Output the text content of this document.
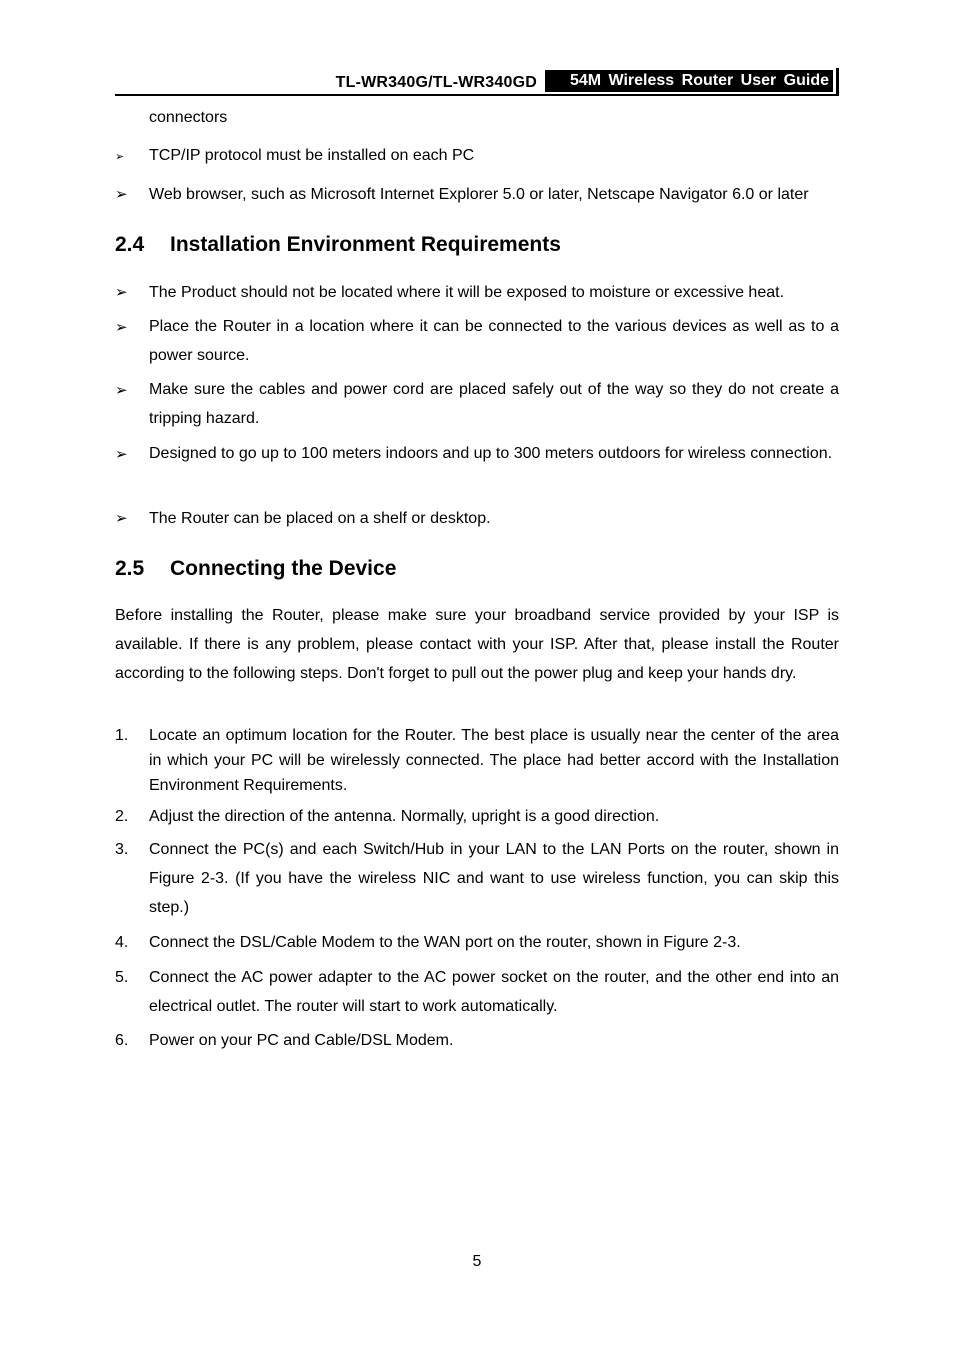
TL-WR340G/TL-WR340GD	54M Wireless Router User Guide
connectors
➢ TCP/IP protocol must be installed on each PC
➢ Web browser, such as Microsoft Internet Explorer 5.0 or later, Netscape Navigator 6.0 or later
2.4 Installation Environment Requirements
➢ The Product should not be located where it will be exposed to moisture or excessive heat.
➢ Place the Router in a location where it can be connected to the various devices as well as to a power source.
➢ Make sure the cables and power cord are placed safely out of the way so they do not create a tripping hazard.
➢ Designed to go up to 100 meters indoors and up to 300 meters outdoors for wireless connection.
➢ The Router can be placed on a shelf or desktop.
2.5 Connecting the Device
Before installing the Router, please make sure your broadband service provided by your ISP is available. If there is any problem, please contact with your ISP. After that, please install the Router according to the following steps. Don't forget to pull out the power plug and keep your hands dry.
1. Locate an optimum location for the Router. The best place is usually near the center of the area in which your PC will be wirelessly connected. The place had better accord with the Installation Environment Requirements.
2. Adjust the direction of the antenna. Normally, upright is a good direction.
3. Connect the PC(s) and each Switch/Hub in your LAN to the LAN Ports on the router, shown in Figure 2-3. (If you have the wireless NIC and want to use wireless function, you can skip this step.)
4. Connect the DSL/Cable Modem to the WAN port on the router, shown in Figure 2-3.
5. Connect the AC power adapter to the AC power socket on the router, and the other end into an electrical outlet. The router will start to work automatically.
6. Power on your PC and Cable/DSL Modem.
5
